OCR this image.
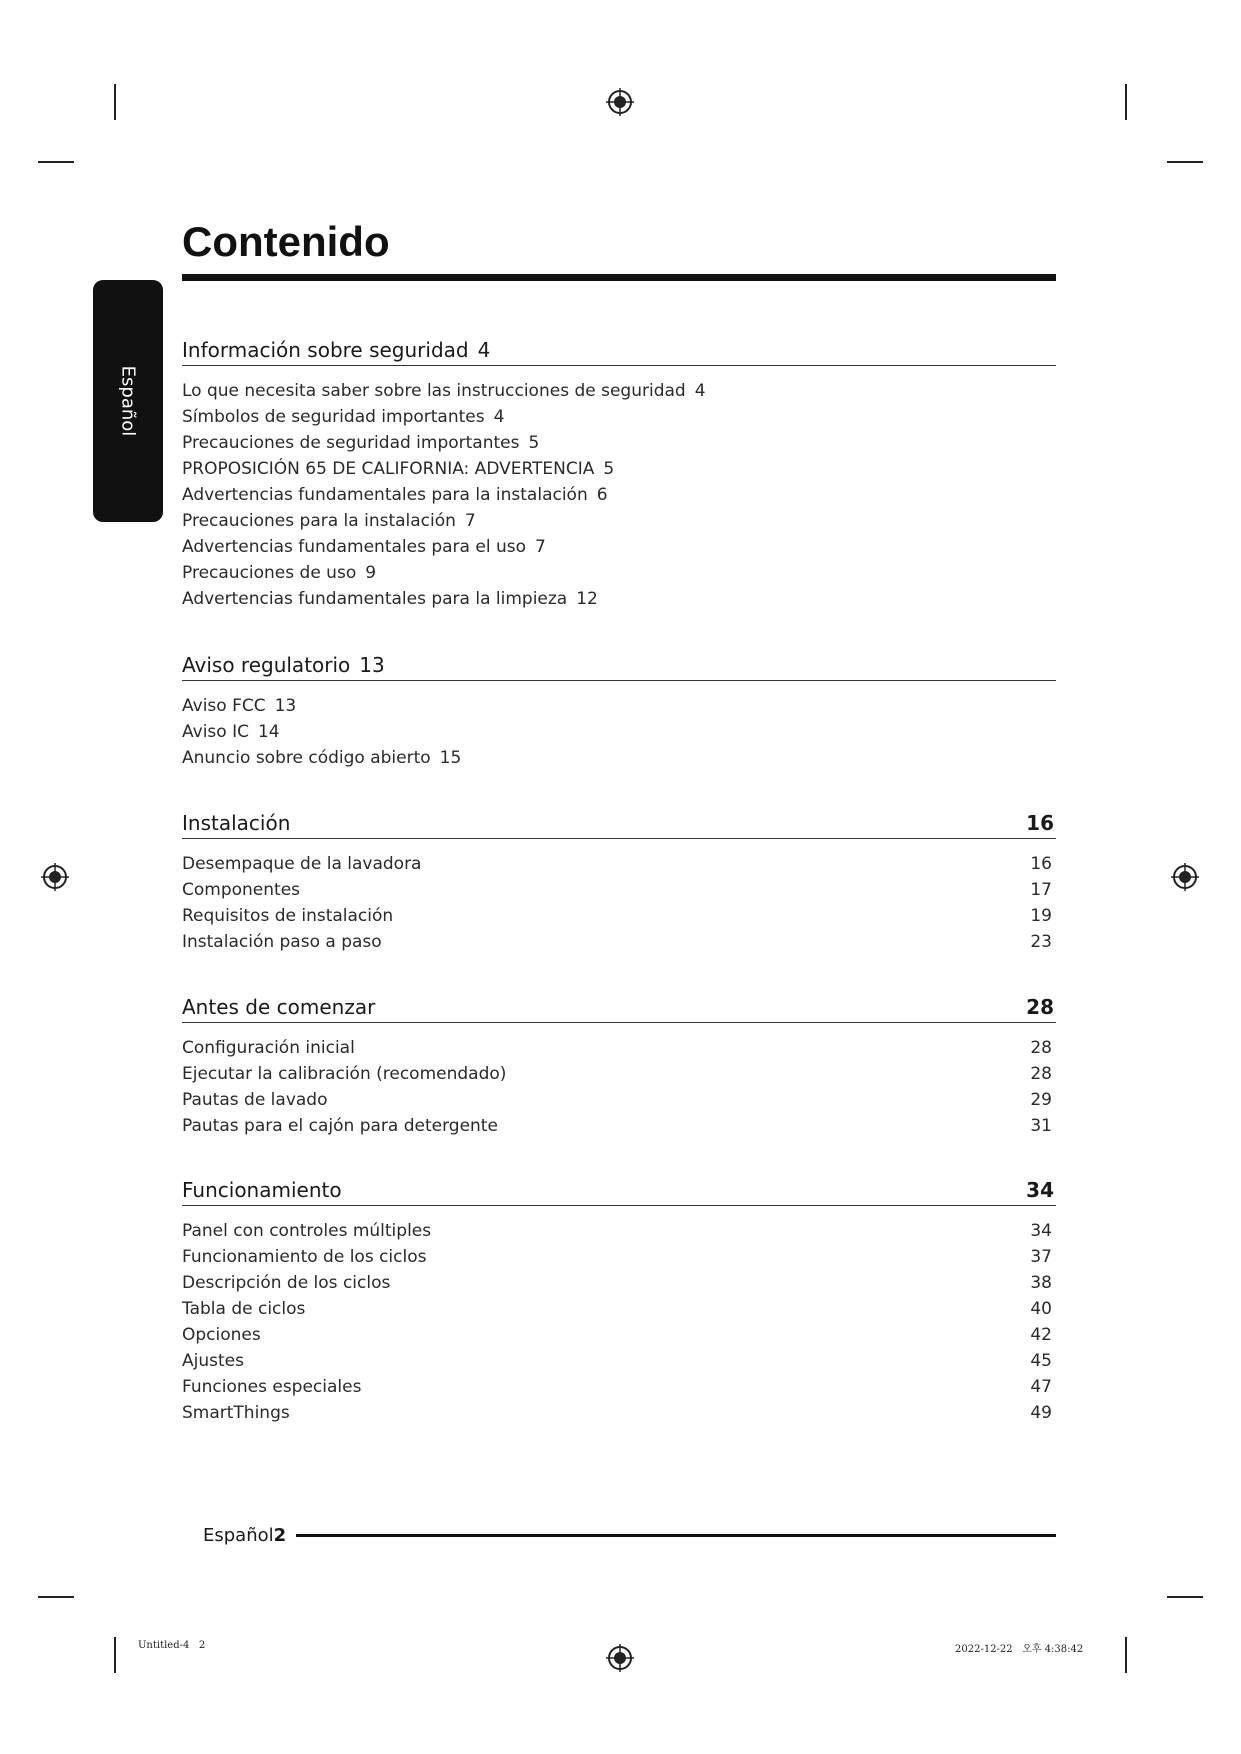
Español
Contenido
Información sobre seguridad 4
Lo que necesita saber sobre las instrucciones de seguridad 4
Símbolos de seguridad importantes 4
Precauciones de seguridad importantes 5
PROPOSICIÓN 65 DE CALIFORNIA: ADVERTENCIA 5
Advertencias fundamentales para la instalación 6
Precauciones para la instalación 7
Advertencias fundamentales para el uso 7
Precauciones de uso 9
Advertencias fundamentales para la limpieza 12
Aviso regulatorio 13
Aviso FCC 13
Aviso IC 14
Anuncio sobre código abierto 15
Instalación	16
Desempaque de la lavadora	16
Componentes	17
Requisitos de instalación	19
Instalación paso a paso	23
Antes de comenzar	28
Configuración inicial	28
Ejecutar la calibración (recomendado)	28
Pautas de lavado	29
Pautas para el cajón para detergente	31
Funcionamiento	34
Panel con controles múltiples	34
Funcionamiento de los ciclos	37
Descripción de los ciclos	38
Tabla de ciclos	40
Opciones	42
Ajustes	45
Funciones especiales	47
SmartThings	49
Español2
Untitled-4   2	2022-12-22   오후 4:38:42
